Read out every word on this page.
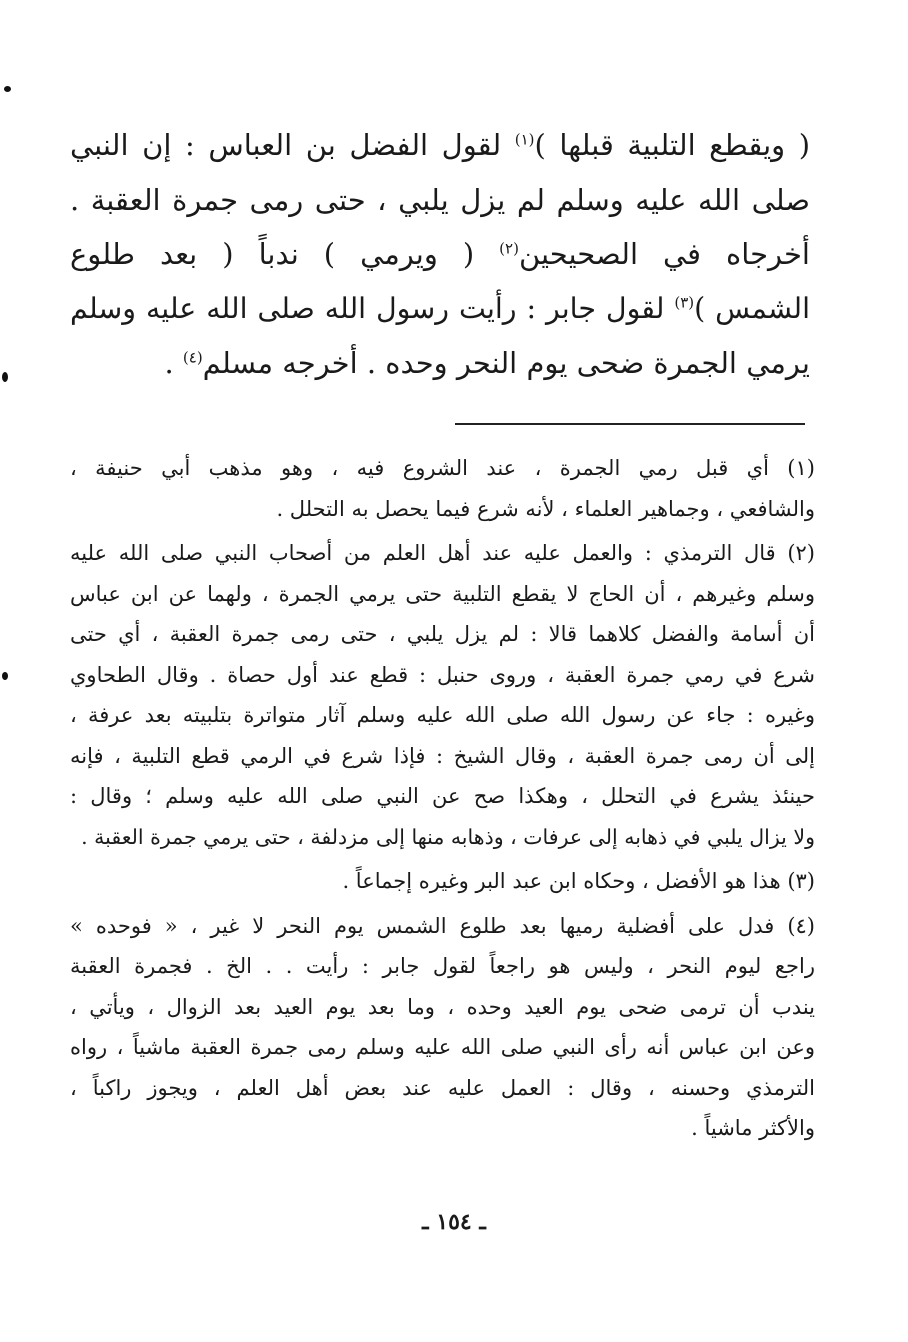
( ويقطع التلبية قبلها )$^{(١)}$ لقول الفضل بن العباس : إن النبي
صلى الله عليه وسلم لم يزل يلبي ، حتى رمى جمرة العقبة .
أخرجاه في الصحيحين$^{(٢)}$ ( ويرمي ) ندباً ( بعد طلوع
الشمس )$^{(٣)}$ لقول جابر : رأيت رسول الله صلى الله عليه وسلم
يرمي الجمرة ضحى يوم النحر وحده . أخرجه مسلم$^{(٤)}$ .
(١) أي قبل رمي الجمرة ، عند الشروع فيه ، وهو مذهب أبي حنيفة ،
والشافعي ، وجماهير العلماء ، لأنه شرع فيما يحصل به التحلل .
(٢) قال الترمذي : والعمل عليه عند أهل العلم من أصحاب النبي صلى الله عليه
وسلم وغيرهم ، أن الحاج لا يقطع التلبية حتى يرمي الجمرة ، ولهما عن ابن عباس
أن أسامة والفضل كلاهما قالا : لم يزل يلبي ، حتى رمى جمرة العقبة ، أي حتى
شرع في رمي جمرة العقبة ، وروى حنبل : قطع عند أول حصاة . وقال الطحاوي
وغيره : جاء عن رسول الله صلى الله عليه وسلم آثار متواترة بتلبيته بعد عرفة ،
إلى أن رمى جمرة العقبة ، وقال الشيخ : فإذا شرع في الرمي قطع التلبية ، فإنه
حينئذ يشرع في التحلل ، وهكذا صح عن النبي صلى الله عليه وسلم ؛ وقال :
ولا يزال يلبي في ذهابه إلى عرفات ، وذهابه منها إلى مزدلفة ، حتى يرمي جمرة العقبة .
(٣) هذا هو الأفضل ، وحكاه ابن عبد البر وغيره إجماعاً .
(٤) فدل على أفضلية رميها بعد طلوع الشمس يوم النحر لا غير ، « فوحده »
راجع ليوم النحر ، وليس هو راجعاً لقول جابر : رأيت . . الخ . فجمرة العقبة
يندب أن ترمى ضحى يوم العيد وحده ، وما بعد يوم العيد بعد الزوال ، ويأتي ،
وعن ابن عباس أنه رأى النبي صلى الله عليه وسلم رمى جمرة العقبة ماشياً ، رواه
الترمذي وحسنه ، وقال : العمل عليه عند بعض أهل العلم ، ويجوز راكباً ،
والأكثر ماشياً .
ـ ١٥٤ ـ
